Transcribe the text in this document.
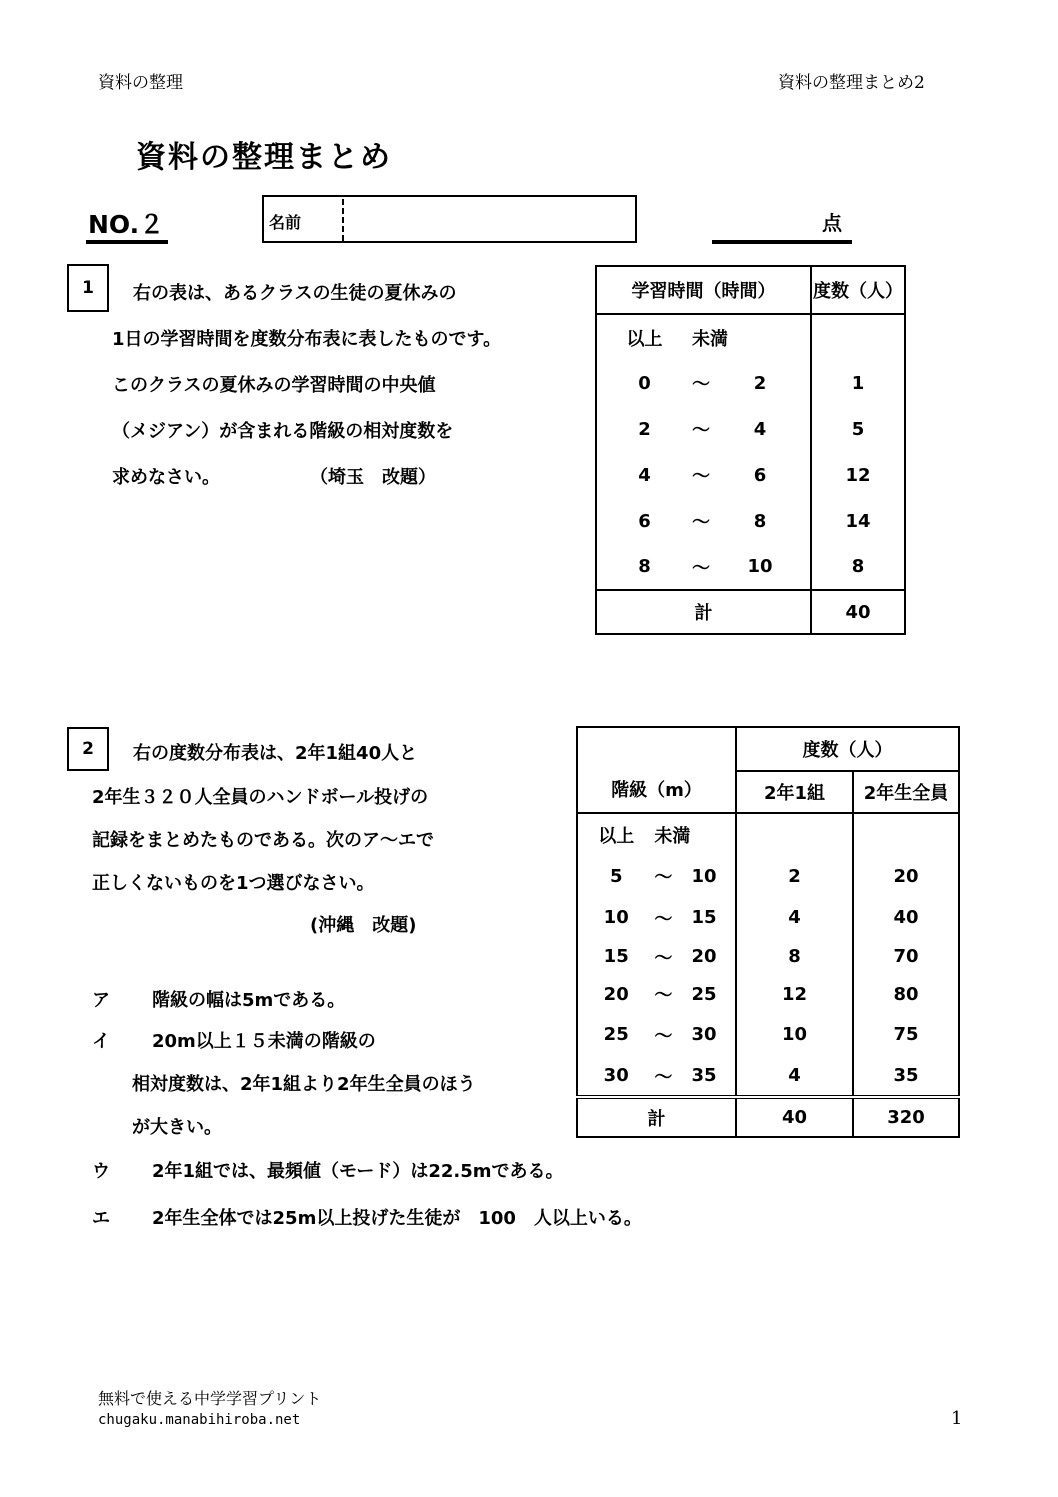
資料の整理	資料の整理まとめ2
資料の整理まとめ
NO.２	名前	点
1	右の表は、あるクラスの生徒の夏休みの
1日の学習時間を度数分布表に表したものです。
このクラスの夏休みの学習時間の中央値
（メジアン）が含まれる階級の相対度数を
求めなさい。	（埼玉　改題）
学習時間（時間）			度数（人）
以上	未満		
0	～	2	1
2	～	4	5
4	～	6	12
6	～	8	14
8	～	10	8
計			40
2	右の度数分布表は、2年1組40人と
2年生３２０人全員のハンドボール投げの
記録をまとめたものである。次のア～エで
正しくないものを1つ選びなさい。
(沖縄　改題)
ア 階級の幅は5mである。
イ 20m以上１５未満の階級の
相対度数は、2年1組より2年生全員のほう
が大きい。
ウ 2年1組では、最頻値（モード）は22.5mである。
エ 2年生全体では25m以上投げた生徒が　100　人以上いる。
階級（m）			度数（人）	
			2年1組	2年生全員
以上	未満			
5	～	10	2	20
10	～	15	4	40
15	～	20	8	70
20	～	25	12	80
25	～	30	10	75
30	～	35	4	35
計			40	320
無料で使える中学学習プリント
chugaku.manabihiroba.net	1
